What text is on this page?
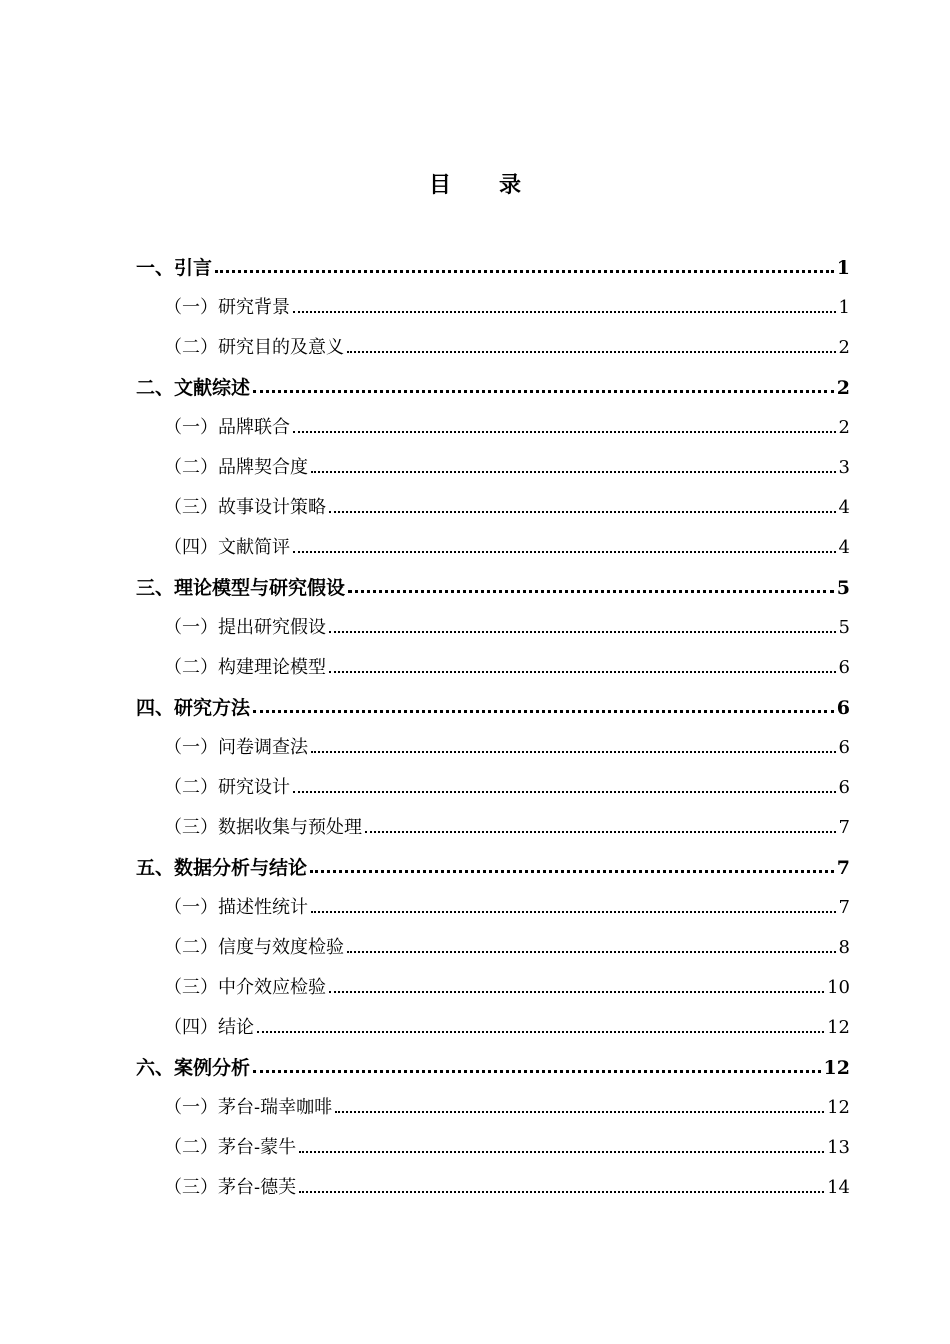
目录
一、引言	1
（一）研究背景	1
（二）研究目的及意义	2
二、文献综述	2
（一）品牌联合	2
（二）品牌契合度	3
（三）故事设计策略	4
（四）文献简评	4
三、理论模型与研究假设	5
（一）提出研究假设	5
（二）构建理论模型	6
四、研究方法	6
（一）问卷调查法	6
（二）研究设计	6
（三）数据收集与预处理	7
五、数据分析与结论	7
（一）描述性统计	7
（二）信度与效度检验	8
（三）中介效应检验	10
（四）结论	12
六、案例分析	12
（一）茅台-瑞幸咖啡	12
（二）茅台-蒙牛	13
（三）茅台-德芙	14
